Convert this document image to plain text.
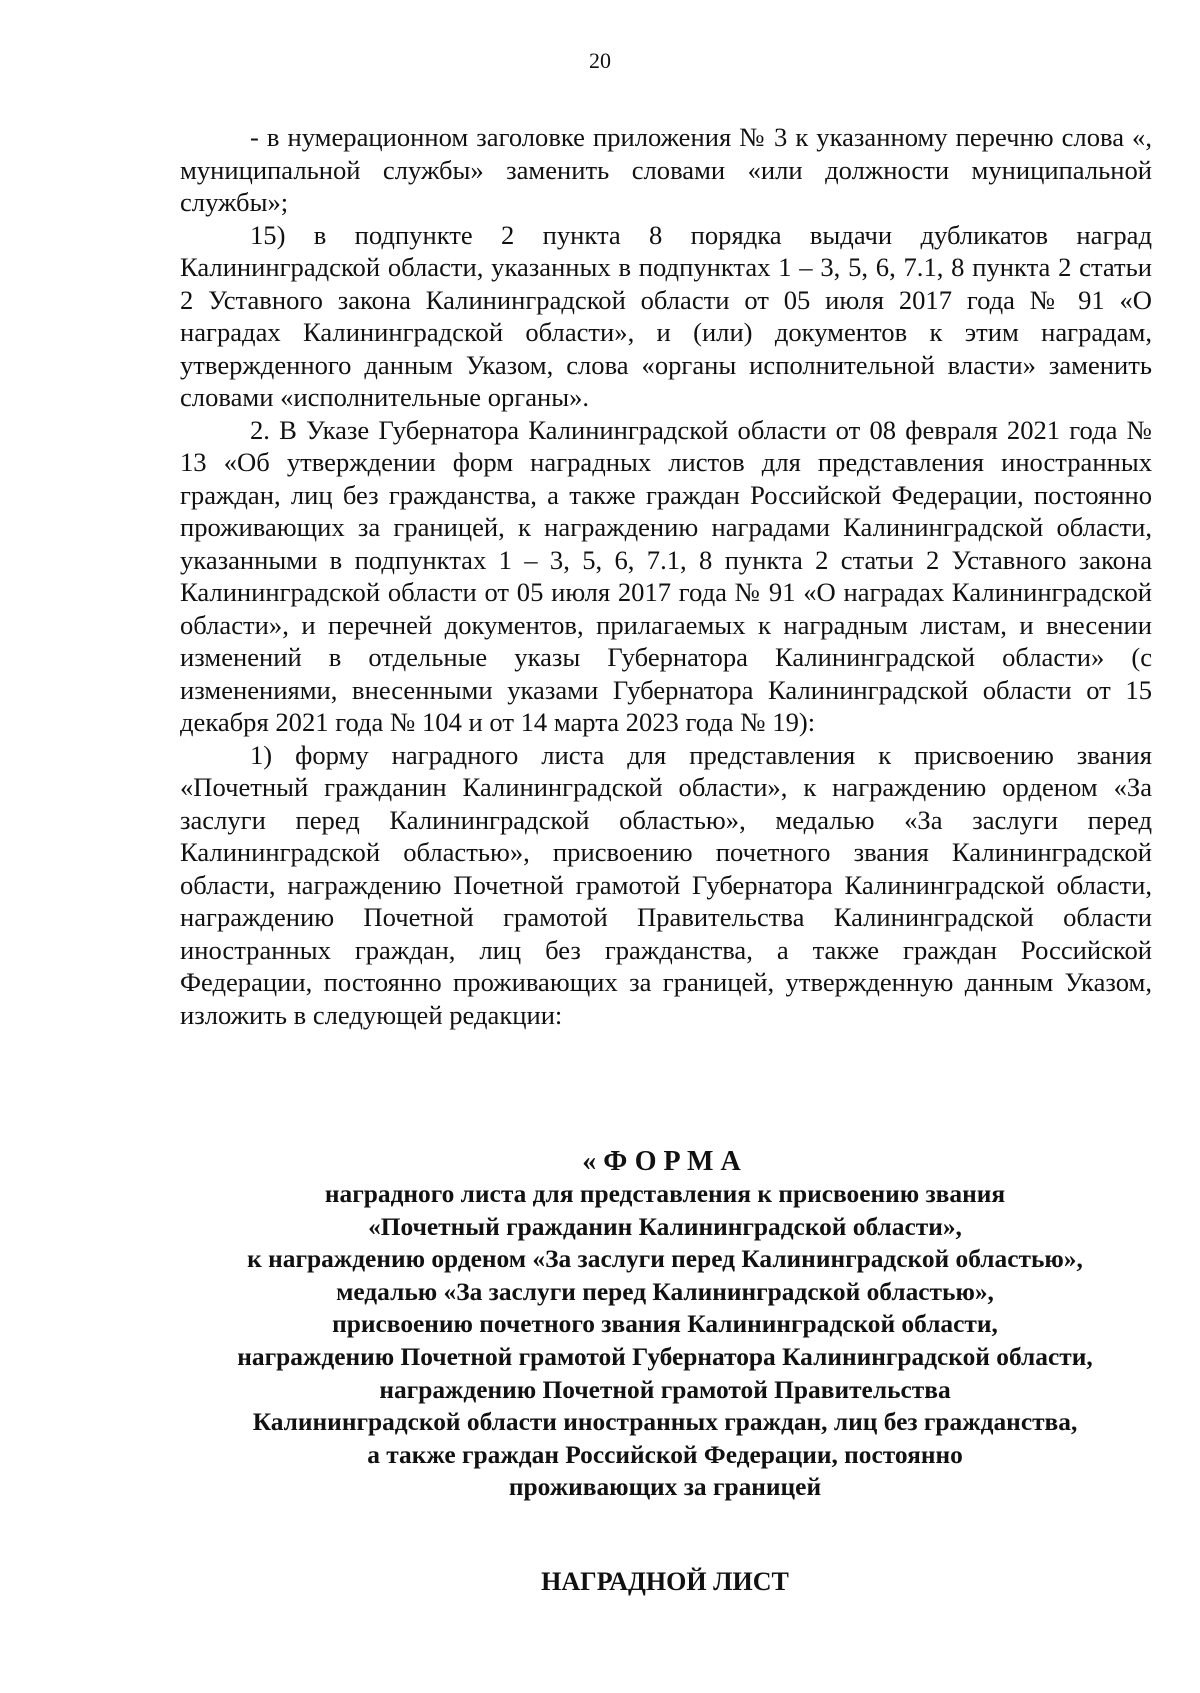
20

- в нумерационном заголовке приложения № 3 к указанному перечню слова «, муниципальной службы» заменить словами «или должности муниципальной службы»;

15) в подпункте 2 пункта 8 порядка выдачи дубликатов наград Калининградской области, указанных в подпунктах 1 – 3, 5, 6, 7.1, 8 пункта 2 статьи 2 Уставного закона Калининградской области от 05 июля 2017 года № 91 «О наградах Калининградской области», и (или) документов к этим наградам, утвержденного данным Указом, слова «органы исполнительной власти» заменить словами «исполнительные органы».

2. В Указе Губернатора Калининградской области от 08 февраля 2021 года № 13 «Об утверждении форм наградных листов для представления иностранных граждан, лиц без гражданства, а также граждан Российской Федерации, постоянно проживающих за границей, к награждению наградами Калининградской области, указанными в подпунктах 1 – 3, 5, 6, 7.1, 8 пункта 2 статьи 2 Уставного закона Калининградской области от 05 июля 2017 года № 91 «О наградах Калининградской области», и перечней документов, прилагаемых к наградным листам, и внесении изменений в отдельные указы Губернатора Калининградской области» (с изменениями, внесенными указами Губернатора Калининградской области от 15 декабря 2021 года № 104 и от 14 марта 2023 года № 19):

1) форму наградного листа для представления к присвоению звания «Почетный гражданин Калининградской области», к награждению орденом «За заслуги перед Калининградской областью», медалью «За заслуги перед Калининградской областью», присвоению почетного звания Калининградской области, награждению Почетной грамотой Губернатора Калининградской области, награждению Почетной грамотой Правительства Калининградской области иностранных граждан, лиц без гражданства, а также граждан Российской Федерации, постоянно проживающих за границей, утвержденную данным Указом, изложить в следующей редакции:

«ФОРМА

наградного листа для представления к присвоению звания

«Почетный гражданин Калининградской области»,

к награждению орденом «За заслуги перед Калининградской областью»,

медалью «За заслуги перед Калининградской областью»,

присвоению почетного звания Калининградской области,

награждению Почетной грамотой Губернатора Калининградской области,

награждению Почетной грамотой Правительства

Калининградской области иностранных граждан, лиц без гражданства,

а также граждан Российской Федерации, постоянно

проживающих за границей

НАГРАДНОЙ ЛИСТ
